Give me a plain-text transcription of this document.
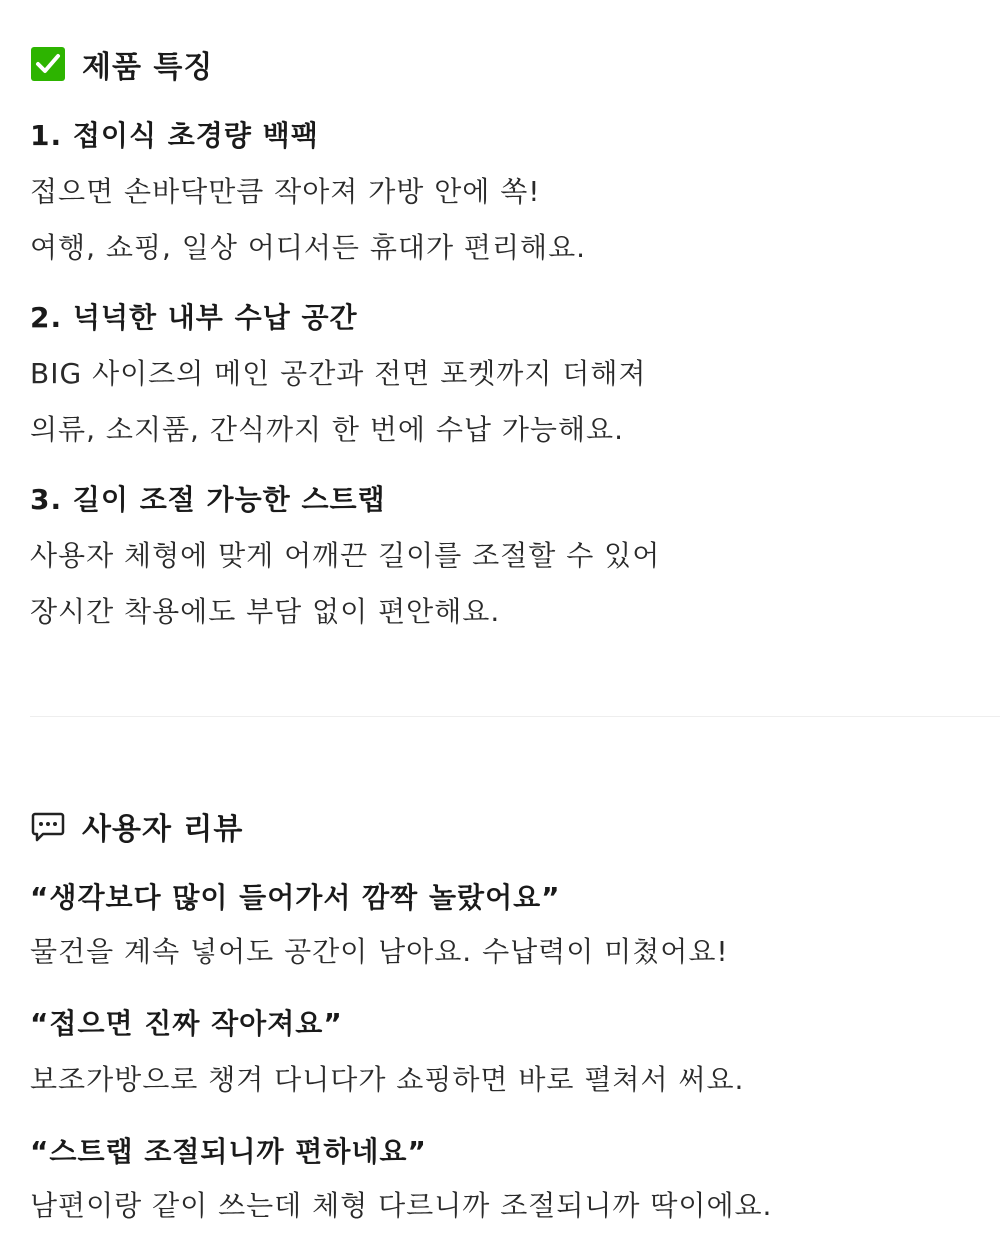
제품 특징
1. 접이식 초경량 백팩
접으면 손바닥만큼 작아져 가방 안에 쏙!
여행, 쇼핑, 일상 어디서든 휴대가 편리해요.
2. 넉넉한 내부 수납 공간
BIG 사이즈의 메인 공간과 전면 포켓까지 더해져
의류, 소지품, 간식까지 한 번에 수납 가능해요.
3. 길이 조절 가능한 스트랩
사용자 체형에 맞게 어깨끈 길이를 조절할 수 있어
장시간 착용에도 부담 없이 편안해요.
사용자 리뷰
“생각보다 많이 들어가서 깜짝 놀랐어요”
물건을 계속 넣어도 공간이 남아요. 수납력이 미쳤어요!
“접으면 진짜 작아져요”
보조가방으로 챙겨 다니다가 쇼핑하면 바로 펼쳐서 써요.
“스트랩 조절되니까 편하네요”
남편이랑 같이 쓰는데 체형 다르니까 조절되니까 딱이에요.
